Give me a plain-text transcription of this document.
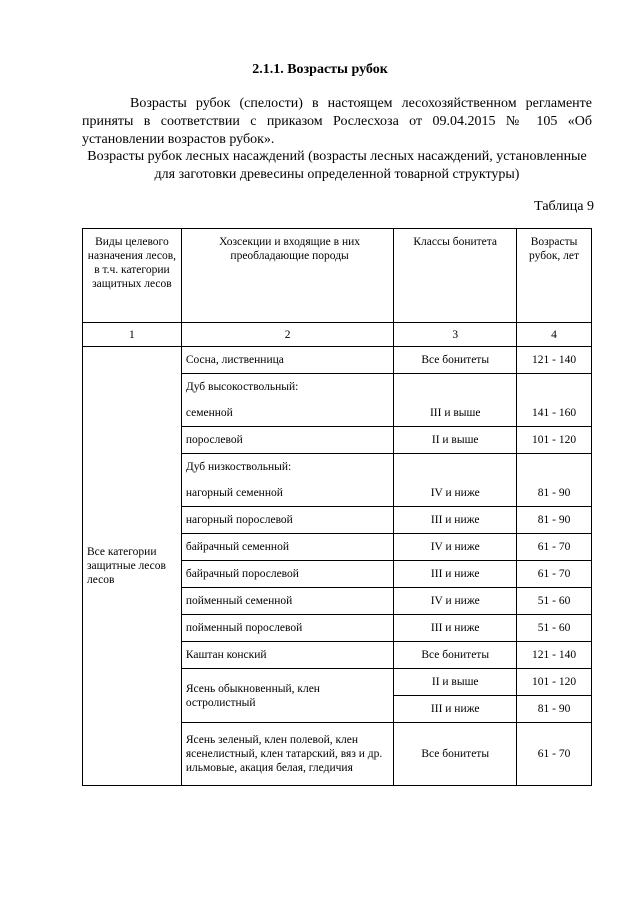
2.1.1. Возрасты рубок

Возрасты рубок (спелости) в настоящем лесохозяйственном регламенте приняты в соответствии с приказом Рослесхоза от 09.04.2015 № 105 «Об установлении возрастов рубок».

Возрасты рубок лесных насаждений (возрасты лесных насаждений, установленные для заготовки древесины определенной товарной структуры)

Таблица 9
Виды целевого назначения лесов, в т.ч. категории защитных лесов	Хозсекции и входящие в них преобладающие породы	Классы бонитета	Возрасты рубок, лет
1	2	3	4
Все категории защитные лесов лесов	Сосна, лиственница	Все бонитеты	121 - 140
	Дуб высокоствольный:		
	семенной	III и выше	141 - 160
	порослевой	II и выше	101 - 120
	Дуб низкоствольный:		
	нагорный семенной	IV и ниже	81 - 90
	нагорный порослевой	III и ниже	81 - 90
	байрачный семенной	IV и ниже	61 - 70
	байрачный порослевой	III и ниже	61 - 70
	пойменный семенной	IV и ниже	51 - 60
	пойменный порослевой	III и ниже	51 - 60
	Каштан конский	Все бонитеты	121 - 140
	Ясень обыкновенный, клен остролистный	II и выше	101 - 120
		III и ниже	81 - 90
	Ясень зеленый, клен полевой, клен ясенелистный, клен татарский, вяз и др. ильмовые, акация белая, гледичия	Все бонитеты	61 - 70
